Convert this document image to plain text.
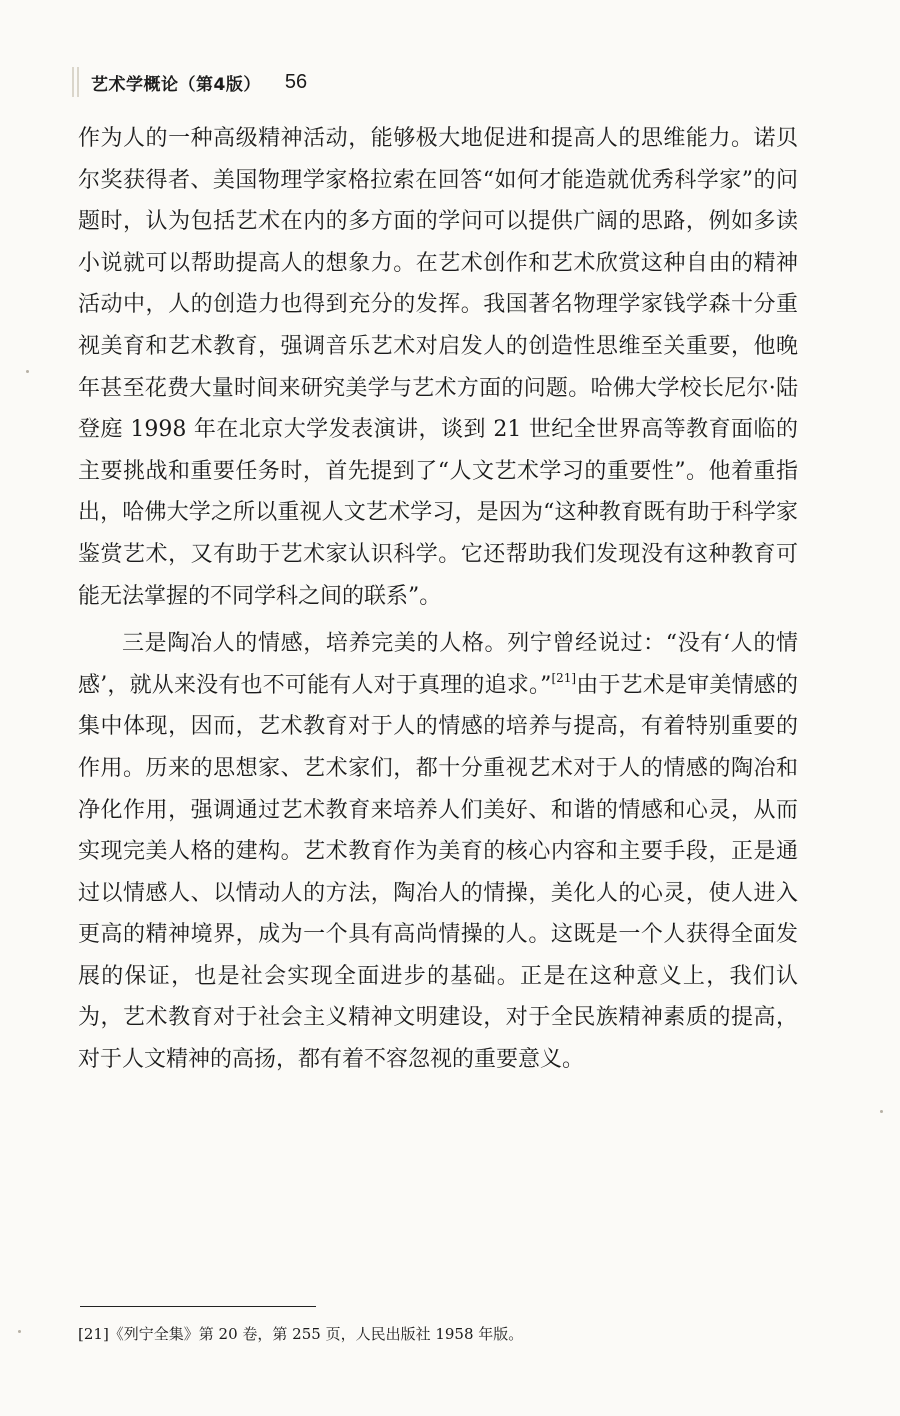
艺术学概论（第4版） 56

作为人的一种高级精神活动，能够极大地促进和提高人的思维能力。诺贝尔奖获得者、美国物理学家格拉索在回答“如何才能造就优秀科学家”的问题时，认为包括艺术在内的多方面的学问可以提供广阔的思路，例如多读小说就可以帮助提高人的想象力。在艺术创作和艺术欣赏这种自由的精神活动中，人的创造力也得到充分的发挥。我国著名物理学家钱学森十分重视美育和艺术教育，强调音乐艺术对启发人的创造性思维至关重要，他晚年甚至花费大量时间来研究美学与艺术方面的问题。哈佛大学校长尼尔·陆登庭 1998 年在北京大学发表演讲，谈到 21 世纪全世界高等教育面临的主要挑战和重要任务时，首先提到了“人文艺术学习的重要性”。他着重指出，哈佛大学之所以重视人文艺术学习，是因为“这种教育既有助于科学家鉴赏艺术，又有助于艺术家认识科学。它还帮助我们发现没有这种教育可能无法掌握的不同学科之间的联系”。

三是陶冶人的情感，培养完美的人格。列宁曾经说过：“没有‘人的情感’，就从来没有也不可能有人对于真理的追求。”[21]由于艺术是审美情感的集中体现，因而，艺术教育对于人的情感的培养与提高，有着特别重要的作用。历来的思想家、艺术家们，都十分重视艺术对于人的情感的陶冶和净化作用，强调通过艺术教育来培养人们美好、和谐的情感和心灵，从而实现完美人格的建构。艺术教育作为美育的核心内容和主要手段，正是通过以情感人、以情动人的方法，陶冶人的情操，美化人的心灵，使人进入更高的精神境界，成为一个具有高尚情操的人。这既是一个人获得全面发展的保证，也是社会实现全面进步的基础。正是在这种意义上，我们认为，艺术教育对于社会主义精神文明建设，对于全民族精神素质的提高，对于人文精神的高扬，都有着不容忽视的重要意义。

[21]《列宁全集》第 20 卷，第 255 页，人民出版社 1958 年版。
